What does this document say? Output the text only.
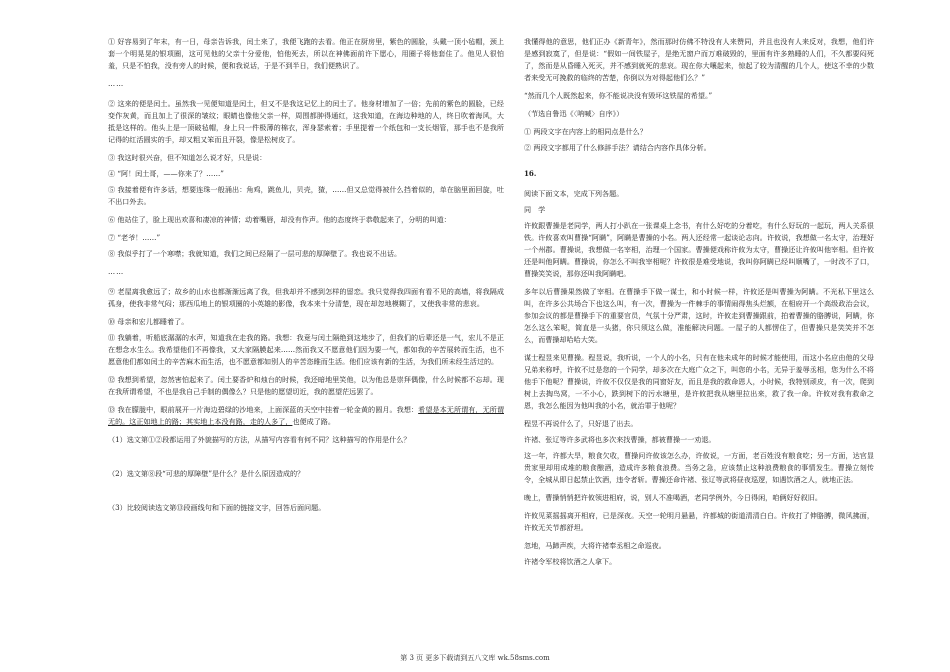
① 好容易到了年末，有一日，母亲告诉我，闰土来了，我便飞跑的去看。他正在厨房里，紫色的圆脸，头戴一顶小毡帽，颈上套一个明晃晃的银项圈，这可见他的父亲十分爱他，怕他死去，所以在神佛面前许下愿心，用圈子将他套住了。他见人很怕羞，只是不怕我，没有旁人的时候，便和我说话，于是不到半日，我们便熟识了。

……

② 这来的便是闰土。虽然我一见便知道是闰土，但又不是我这记忆上的闰土了。他身材增加了一倍；先前的紫色的圆脸，已经变作灰黄，而且加上了很深的皱纹；眼睛也像他父亲一样，周围都肿得通红，这我知道，在海边种地的人，终日吹着海风，大抵是这样的。他头上是一顶破毡帽，身上只一件极薄的棉衣，浑身瑟索着；手里提着一个纸包和一支长烟管，那手也不是我所记得的红活圆实的手，却又粗又笨而且开裂，像是松树皮了。

③ 我这时很兴奋，但不知道怎么说才好，只是说：

④ “阿！闰土哥，——你来了？……”

⑤ 我接着便有许多话，想要连珠一般涌出：角鸡，跳鱼儿，贝壳，猹，……但又总觉得被什么挡着似的，单在脑里面回旋，吐不出口外去。

⑥ 他站住了，脸上现出欢喜和凄凉的神情；动着嘴唇，却没有作声。他的态度终于恭敬起来了，分明的叫道：

⑦ “老爷！……”

⑧ 我似乎打了一个寒噤；我就知道，我们之间已经隔了一层可悲的厚障壁了。我也说不出话。

……

⑨ 老屋离我愈远了；故乡的山水也都渐渐远离了我，但我却并不感到怎样的留恋。我只觉得我四面有看不见的高墙，将我隔成孤身，使我非常气闷；那西瓜地上的银项圈的小英雄的影像，我本来十分清楚，现在却忽地模糊了，又使我非常的悲哀。

⑩ 母亲和宏儿都睡着了。

⑪ 我躺着，听船底潺潺的水声，知道我在走我的路。我想：我竟与闰土隔绝到这地步了，但我们的后辈还是一气，宏儿不是正在想念水生么。我希望他们不再像我，又大家隔膜起来……然而我又不愿意他们因为要一气，都如我的辛苦展转而生活，也不愿意他们都如闰土的辛苦麻木而生活，也不愿意都如别人的辛苦恣睢而生活。他们应该有新的生活，为我们所未经生活过的。

⑫ 我想到希望，忽然害怕起来了。闰土要香炉和烛台的时候，我还暗地里笑他，以为他总是崇拜偶像，什么时候都不忘却。现在我所谓希望，不也是我自己手制的偶像么？只是他的愿望切近，我的愿望茫远罢了。

⑬ 我在朦胧中，眼前展开一片海边碧绿的沙地来，上面深蓝的天空中挂着一轮金黄的圆月。我想：希望是本无所谓有，无所谓无的。这正如地上的路；其实地上本没有路，走的人多了，也便成了路。

（1）选文第①②段都运用了外貌描写的方法，从描写内容看有何不同？这种描写的作用是什么？

（2）选文第⑧段“可悲的厚障壁”是什么？是什么原因造成的？

（3）比较阅读选文第⑬段画线句和下面的链接文字，回答后面问题。

我懂得他的意思，他们正办《新青年》，然而那时仿佛不特没有人来赞同，并且也没有人来反对，我想，他们许是感到寂寞了，但是说：“假如一间铁屋子，是绝无窗户而万难破毁的，里面有许多熟睡的人们，不久都要闷死了，然而是从昏睡入死灭，并不感到就死的悲哀。现在你大嚷起来，惊起了较为清醒的几个人，使这不幸的少数者来受无可挽救的临终的苦楚，你倒以为对得起他们么？”

“然而几个人既然起来，你不能说决没有毁坏这铁屋的希望。”

（节选自鲁迅《〈呐喊〉自序》）

① 两段文字在内容上的相同点是什么？

② 两段文字都用了什么修辞手法？请结合内容作具体分析。

16.

阅读下面文本，完成下列各题。

同　学

许攸跟曹操是老同学，两人打小趴在一张课桌上念书，有什么好吃的分着吃，有什么好玩的一起玩，两人关系很铁。许攸喜欢叫曹操“阿瞒”，阿瞒是曹操的小名。两人还经常一起谈论志向。许攸说，我想做一名太守，治理好一个州郡。曹操说，我想做一名宰相，治理一个国家。曹操便戏称许攸为太守，曹操还让许攸叫他宰相。但许攸还是叫他阿瞒。曹操说，你怎么不叫我宰相呢？许攸很是难受地说，我叫你阿瞒已经叫顺嘴了，一时改不了口，曹操笑笑说，那你还叫我阿瞒吧。

多年以后曹操果然做了宰相。在曹操手下做一谋士，和小时候一样，许攸还是叫曹操为阿瞒。不光私下里这么叫，在许多公共场合下也这么叫，有一次，曹操为一件棘手的事情闹得焦头烂额，在相府开一个高级政治会议，参加会议的都是曹操手下的重要官员，气氛十分严肃，这时，许攸走到曹操跟前，拍着曹操的胳膊说，阿瞒，你怎么这么笨呢，简直是一头猪，你只须这么做，准能解决问题。一屋子的人都愣住了，但曹操只是笑笑并不怎么，而曹操却哈哈大笑。

谋士程昱来见曹操。程昱说，我听说，一个人的小名，只有在他未成年的时候才能使用，而这小名应由他的父母兄弟来称呼，许攸不过是您的一个同学，却多次在大庭广众之下，叫您的小名，无异于羞辱丞相，您为什么不将他手下他呢？曹操说，许攸不仅仅是我的同窗好友，而且是我的救命恩人，小时候，我特别顽皮，有一次，爬到树上去掏鸟窝，一不小心，跌到树下的污水塘里，是许攸把我从塘里拉出来，救了我一命。许攸对我有救命之恩，我怎么能因为他叫我的小名，就治罪于他呢？

程昱不再说什么了，只好退了出去。

许褚、张辽等许多武将也多次来找曹操，都被曹操一一劝退。

这一年，许都大旱，粮食欠收，曹操问许攸该怎么办，许攸说，一方面，老百姓没有粮食吃；另一方面，达官显贵家里却用成堆的粮食酿酒，造成许多粮食浪费。当务之急，应该禁止这种浪费粮食的事情发生。曹操立刻传令，全城从即日起禁止饮酒，违令者斩。曹操还命许褚、张辽等武将昼夜巡逻，如遇饮酒之人，就地正法。

晚上，曹操悄悄把许攸领进相府，说，别人不准喝酒，老同学例外，今日得闲，咱俩好好叙旧。

许攸见菜摇摇离开相府，已是深夜。天空一轮明月悬悬，许都城的街道清清白白。许攸打了伸胳膊，微风拂面，许攸无关节都舒坦。

忽地，马蹄声疾，大将许褚奉丞相之命巡夜。

许褚令军校将饮酒之人拿下。

第 3 页 更多下载请到五八文库 wk.58sms.com
